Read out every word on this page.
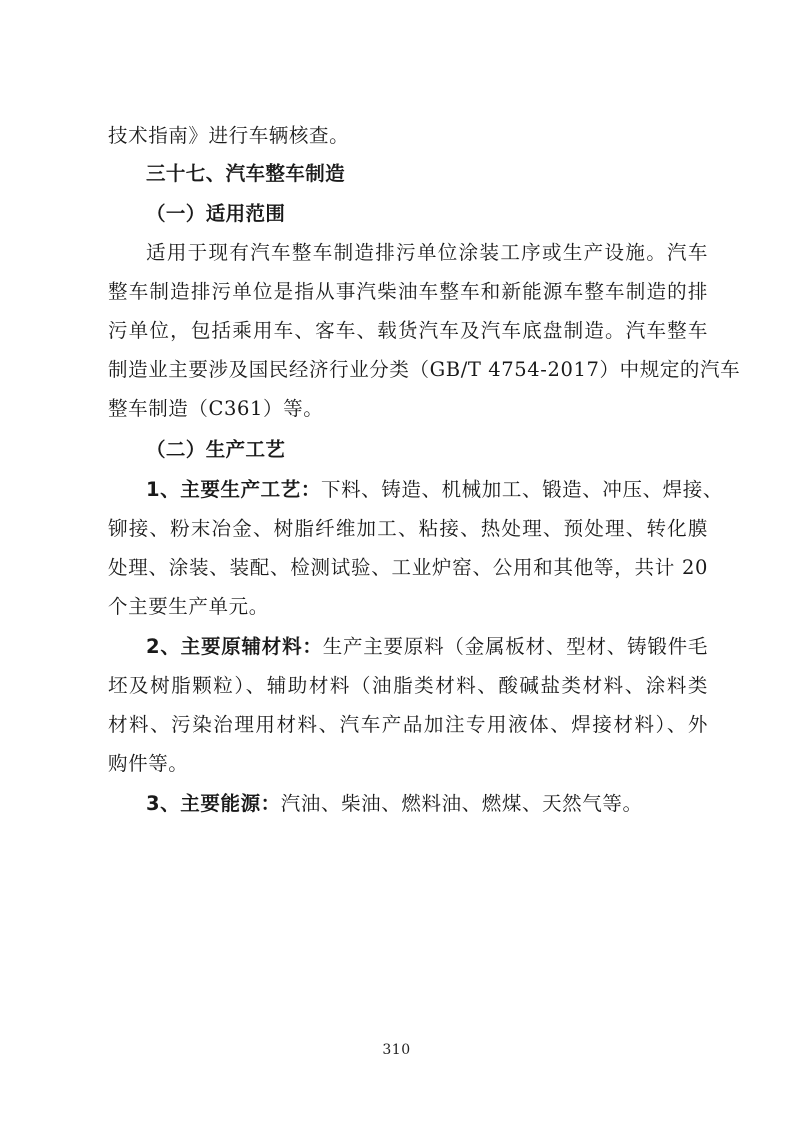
技术指南》进行车辆核查。
三十七、汽车整车制造
（一）适用范围
适用于现有汽车整车制造排污单位涂装工序或生产设施。汽车
整车制造排污单位是指从事汽柴油车整车和新能源车整车制造的排
污单位，包括乘用车、客车、载货汽车及汽车底盘制造。汽车整车
制造业主要涉及国民经济行业分类（GB/T 4754-2017）中规定的汽车
整车制造（C361）等。
（二）生产工艺
1、主要生产工艺：下料、铸造、机械加工、锻造、冲压、焊接、
铆接、粉末冶金、树脂纤维加工、粘接、热处理、预处理、转化膜
处理、涂装、装配、检测试验、工业炉窑、公用和其他等，共计 20
个主要生产单元。
2、主要原辅材料：生产主要原料（金属板材、型材、铸锻件毛
坯及树脂颗粒）、辅助材料（油脂类材料、酸碱盐类材料、涂料类
材料、污染治理用材料、汽车产品加注专用液体、焊接材料）、外
购件等。
3、主要能源：汽油、柴油、燃料油、燃煤、天然气等。
310
